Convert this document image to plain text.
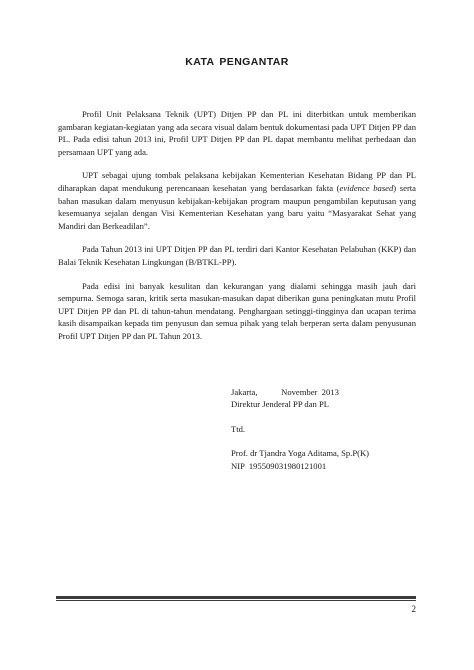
KATA PENGANTAR

Profil Unit Pelaksana Teknik (UPT) Ditjen PP dan PL ini diterbitkan untuk memberikan gambaran kegiatan-kegiatan yang ada secara visual dalam bentuk dokumentasi pada UPT Ditjen PP dan PL. Pada edisi tahun 2013 ini, Profil UPT Ditjen PP dan PL dapat membantu melihat perbedaan dan persamaan UPT yang ada.

UPT sebagai ujung tombak pelaksana kebijakan Kementerian Kesehatan Bidang PP dan PL diharapkan dapat mendukung perencanaan kesehatan yang berdasarkan fakta (evidence based) serta bahan masukan dalam menyusun kebijakan-kebijakan program maupun pengambilan keputusan yang kesemuanya sejalan dengan Visi Kementerian Kesehatan yang baru yaitu “Masyarakat Sehat yang Mandiri dan Berkeadilan”.

Pada Tahun 2013 ini UPT Ditjen PP dan PL terdiri dari Kantor Kesehatan Pelabuhan (KKP) dan Balai Teknik Kesehatan Lingkungan (B/BTKL-PP).

Pada edisi ini banyak kesulitan dan kekurangan yang dialami sehingga masih jauh dari sempurna. Semoga saran, kritik serta masukan-masukan dapat diberikan guna peningkatan mutu Profil UPT Ditjen PP dan PL di tahun-tahun mendatang. Penghargaan setinggi-tingginya dan ucapan terima kasih disampaikan kepada tim penyusun dan semua pihak yang telah berperan serta dalam penyusunan Profil UPT Ditjen PP dan PL Tahun 2013.

Jakarta,           November  2013
Direktur Jenderal PP dan PL
Ttd.
Prof. dr Tjandra Yoga Aditama, Sp.P(K)
NIP  195509031980121001
2
